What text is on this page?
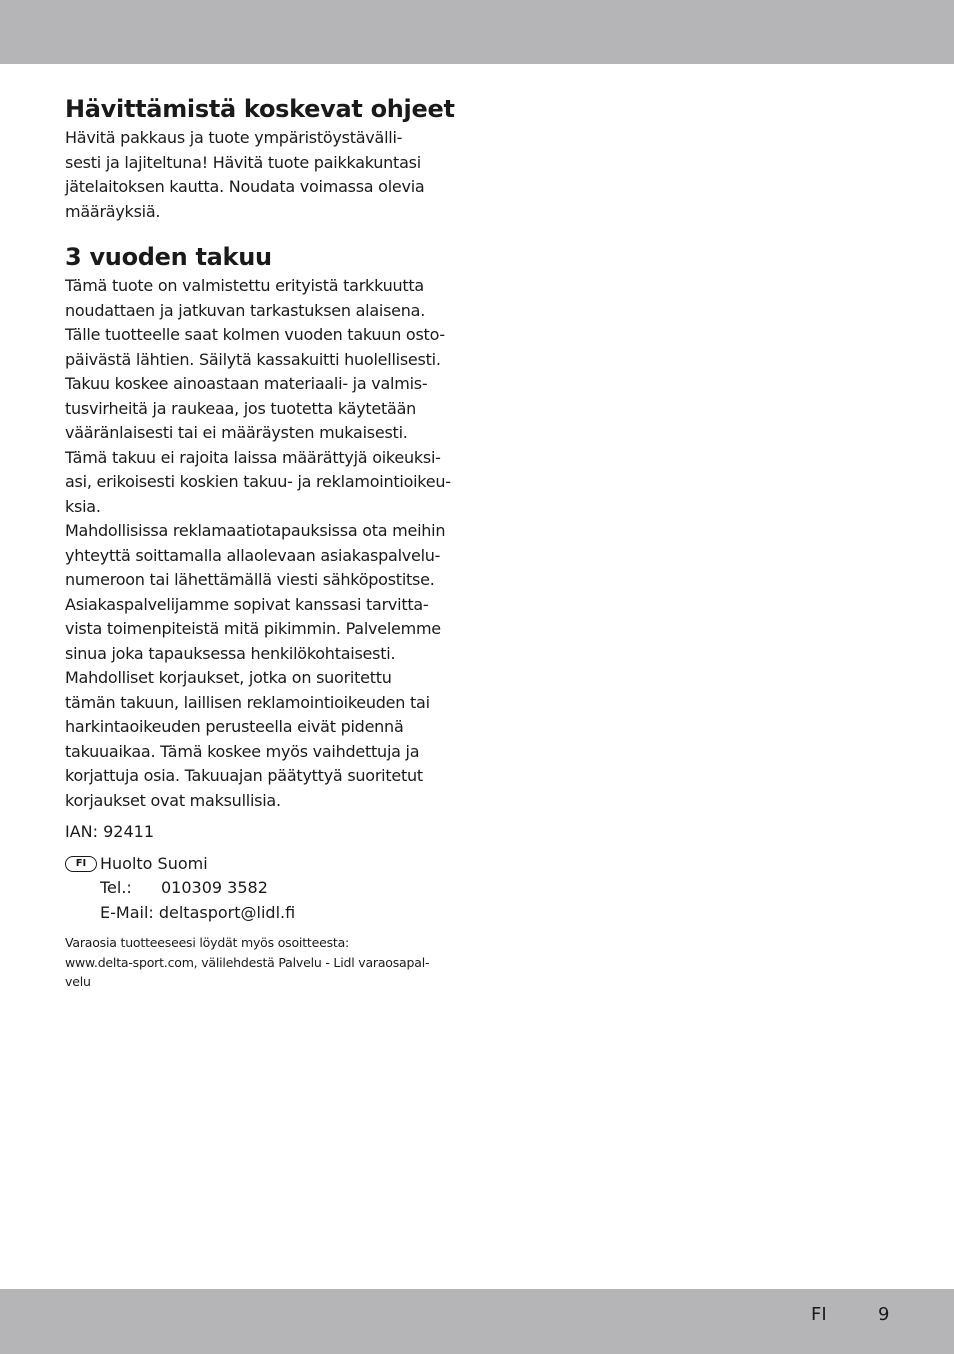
Hävittämistä koskevat ohjeet
Hävitä pakkaus ja tuote ympäristöystävälli-
sesti ja lajiteltuna! Hävitä tuote paikkakuntasi
jätelaitoksen kautta. Noudata voimassa olevia
määräyksiä.
3 vuoden takuu
Tämä tuote on valmistettu erityistä tarkkuutta
noudattaen ja jatkuvan tarkastuksen alaisena.
Tälle tuotteelle saat kolmen vuoden takuun osto-
päivästä lähtien. Säilytä kassakuitti huolellisesti.
Takuu koskee ainoastaan materiaali- ja valmis-
tusvirheitä ja raukeaa, jos tuotetta käytetään
vääränlaisesti tai ei määräysten mukaisesti.
Tämä takuu ei rajoita laissa määrättyjä oikeuksi-
asi, erikoisesti koskien takuu- ja reklamointioikeu-
ksia.
Mahdollisissa reklamaatiotapauksissa ota meihin
yhteyttä soittamalla allaolevaan asiakaspalvelu-
numeroon tai lähettämällä viesti sähköpostitse.
Asiakaspalvelijamme sopivat kanssasi tarvitta-
vista toimenpiteistä mitä pikimmin. Palvelemme
sinua joka tapauksessa henkilökohtaisesti.
Mahdolliset korjaukset, jotka on suoritettu
tämän takuun, laillisen reklamointioikeuden tai
harkintaoikeuden perusteella eivät pidennä
takuuaikaa. Tämä koskee myös vaihdettuja ja
korjattuja osia. Takuuajan päätyttyä suoritetut
korjaukset ovat maksullisia.
IAN: 92411
FI Huolto Suomi
Tel.:	010309 3582
E-Mail: deltasport@lidl.fi
Varaosia tuotteeseesi löydät myös osoitteesta:
www.delta-sport.com, välilehdestä Palvelu - Lidl varaosapal-
velu
FI	9
